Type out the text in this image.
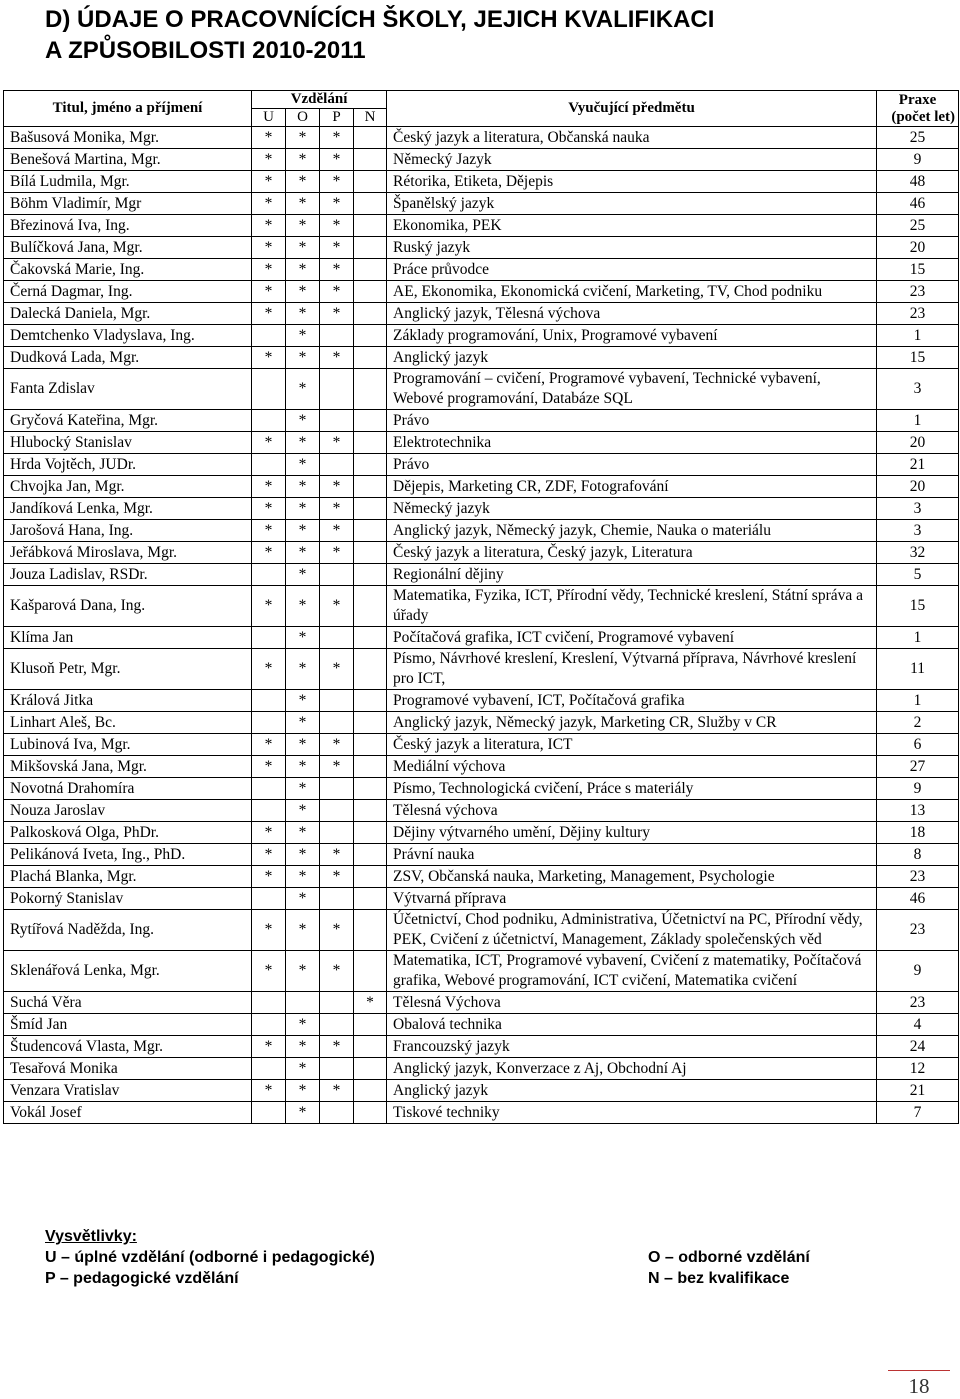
D) ÚDAJE O PRACOVNÍCÍCH ŠKOLY, JEJICH KVALIFIKACI
A ZPŮSOBILOSTI 2010-2011
Titul, jméno a příjmení	Vzdělání				Vyučující předmětu	Praxe
(počet let)

	U	O	P	N		
Bašusová Monika, Mgr.	*	*	*		Český jazyk a literatura, Občanská nauka	25
Benešová Martina, Mgr.	*	*	*		Německý Jazyk	9
Bílá Ludmila, Mgr.	*	*	*		Rétorika, Etiketa, Dějepis	48
Böhm Vladimír, Mgr	*	*	*		Španělský jazyk	46
Březinová Iva, Ing.	*	*	*		Ekonomika, PEK	25
Bulíčková Jana, Mgr.	*	*	*		Ruský jazyk	20
Čakovská Marie, Ing.	*	*	*		Práce průvodce	15
Černá Dagmar, Ing.	*	*	*		AE, Ekonomika, Ekonomická cvičení, Marketing, TV, Chod podniku	23
Dalecká Daniela, Mgr.	*	*	*		Anglický jazyk, Tělesná výchova	23
Demtchenko Vladyslava, Ing.		*			Základy programování, Unix, Programové vybavení	1
Dudková Lada, Mgr.	*	*	*		Anglický jazyk	15
Fanta Zdislav		*			Programování – cvičení, Programové vybavení, Technické vybavení, Webové programování, Databáze SQL	3
Gryčová Kateřina, Mgr.		*			Právo	1
Hlubocký Stanislav	*	*	*		Elektrotechnika	20
Hrda Vojtěch, JUDr.		*			Právo	21
Chvojka Jan, Mgr.	*	*	*		Dějepis, Marketing CR, ZDF, Fotografování	20
Jandíková Lenka, Mgr.	*	*	*		Německý jazyk	3
Jarošová Hana, Ing.	*	*	*		Anglický jazyk, Německý jazyk, Chemie, Nauka o materiálu	3
Jeřábková Miroslava, Mgr.	*	*	*		Český jazyk a literatura, Český jazyk, Literatura	32
Jouza Ladislav, RSDr.		*			Regionální dějiny	5
Kašparová Dana, Ing.	*	*	*		Matematika, Fyzika, ICT, Přírodní vědy, Technické kreslení, Státní správa a úřady	15
Klíma Jan		*			Počítačová grafika, ICT cvičení, Programové vybavení	1
Klusoň Petr, Mgr.	*	*	*		Písmo, Návrhové kreslení, Kreslení, Výtvarná příprava, Návrhové kreslení pro ICT,	11
Králová Jitka		*			Programové vybavení, ICT, Počítačová grafika	1
Linhart Aleš, Bc.		*			Anglický jazyk, Německý jazyk, Marketing CR, Služby v CR	2
Lubinová Iva, Mgr.	*	*	*		Český jazyk a literatura, ICT	6
Mikšovská Jana, Mgr.	*	*	*		Mediální výchova	27
Novotná Drahomíra		*			Písmo, Technologická cvičení, Práce s materiály	9
Nouza Jaroslav		*			Tělesná výchova	13
Palkosková Olga, PhDr.	*	*			Dějiny výtvarného umění, Dějiny kultury	18
Pelikánová Iveta, Ing., PhD.	*	*	*		Právní nauka	8
Plachá Blanka, Mgr.	*	*	*		ZSV, Občanská nauka, Marketing, Management, Psychologie	23
Pokorný Stanislav		*			Výtvarná příprava	46
Rytířová Naděžda, Ing.	*	*	*		Účetnictví, Chod podniku, Administrativa, Účetnictví na PC, Přírodní vědy, PEK, Cvičení z účetnictví, Management, Základy společenských věd	23
Sklenářová Lenka, Mgr.	*	*	*		Matematika, ICT, Programové vybavení, Cvičení z matematiky, Počítačová grafika, Webové programování, ICT cvičení, Matematika cvičení	9
Suchá Věra				*	Tělesná Výchova	23
Šmíd Jan		*			Obalová technika	4
Študencová Vlasta, Mgr.	*	*	*		Francouzský jazyk	24
Tesařová Monika		*			Anglický jazyk, Konverzace z Aj, Obchodní Aj	12
Venzara Vratislav	*	*	*		Anglický jazyk	21
Vokál Josef		*			Tiskové techniky	7
Vysvětlivky:
U – úplné vzdělání (odborné i pedagogické)
P – pedagogické vzdělání
O – odborné vzdělání
N – bez kvalifikace
18
